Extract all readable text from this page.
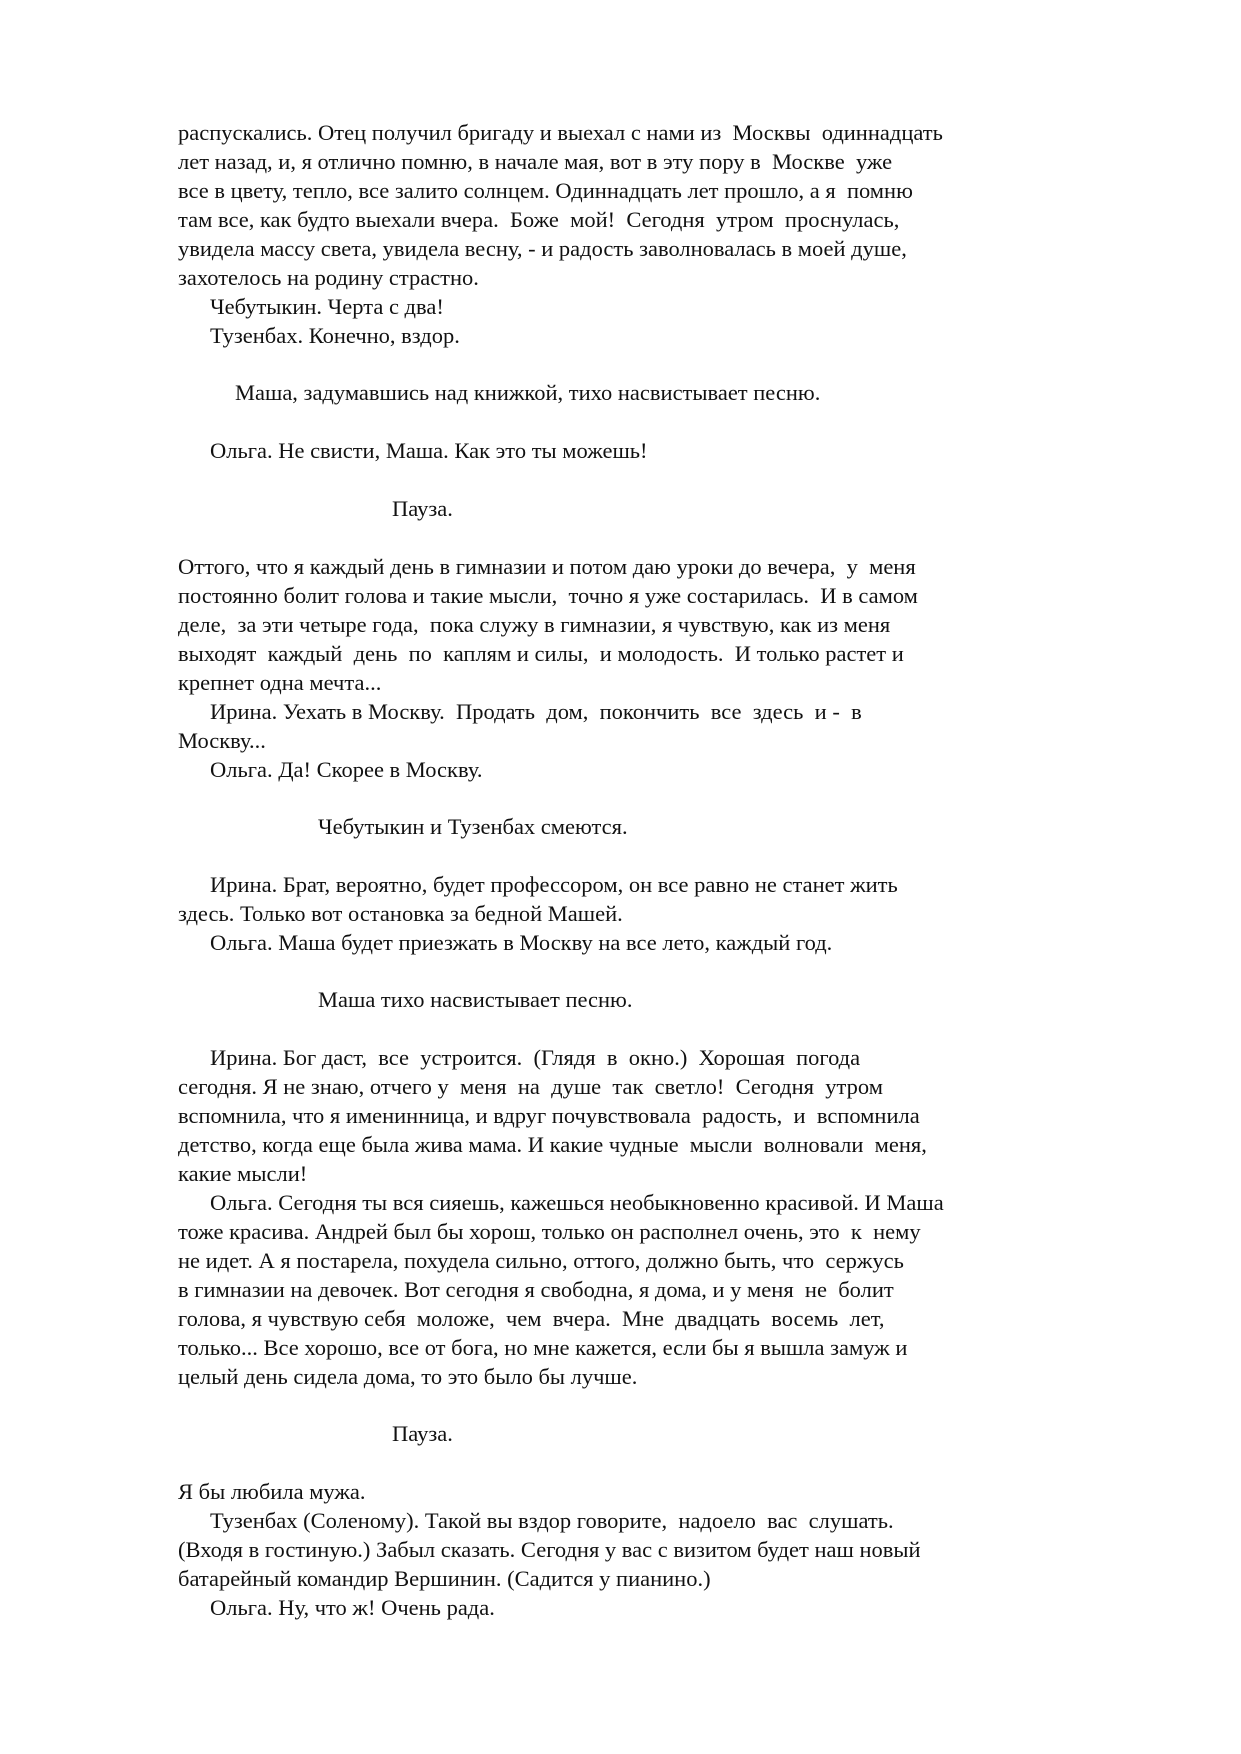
распускались. Отец получил бригаду и выехал с нами из  Москвы  одиннадцать

лет назад, и, я отлично помню, в начале мая, вот в эту пору в  Москве  уже

все в цвету, тепло, все залито солнцем. Одиннадцать лет прошло, а я  помню

там все, как будто выехали вчера.  Боже  мой!  Сегодня  утром  проснулась,

увидела массу света, увидела весну, - и радость заволновалась в моей душе,

захотелось на родину страстно.

Чебутыкин. Черта с два!

Тузенбах. Конечно, вздор.

Маша, задумавшись над книжкой, тихо насвистывает песню.

Ольга. Не свисти, Маша. Как это ты можешь!

Пауза.

Оттого, что я каждый день в гимназии и потом даю уроки до вечера,  у  меня

постоянно болит голова и такие мысли,  точно я уже состарилась.  И в самом

деле,  за эти четыре года,  пока служу в гимназии, я чувствую, как из меня

выходят  каждый  день  по  каплям и силы,  и молодость.  И только растет и

крепнет одна мечта...

Ирина. Уехать в Москву.  Продать  дом,  покончить  все  здесь  и -  в

Москву...

Ольга. Да! Скорее в Москву.

Чебутыкин и Тузенбах смеются.

Ирина. Брат, вероятно, будет профессором, он все равно не станет жить

здесь. Только вот остановка за бедной Машей.

Ольга. Маша будет приезжать в Москву на все лето, каждый год.

Маша тихо насвистывает песню.

Ирина. Бог даст,  все  устроится.  (Глядя  в  окно.)  Хорошая  погода

сегодня. Я не знаю, отчего у  меня  на  душе  так  светло!  Сегодня  утром

вспомнила, что я именинница, и вдруг почувствовала  радость,  и  вспомнила

детство, когда еще была жива мама. И какие чудные  мысли  волновали  меня,

какие мысли!

Ольга. Сегодня ты вся сияешь, кажешься необыкновенно красивой. И Маша

тоже красива. Андрей был бы хорош, только он располнел очень, это  к  нему

не идет. А я постарела, похудела сильно, оттого, должно быть, что  сержусь

в гимназии на девочек. Вот сегодня я свободна, я дома, и у меня  не  болит

голова, я чувствую себя  моложе,  чем  вчера.  Мне  двадцать  восемь  лет,

только... Все хорошо, все от бога, но мне кажется, если бы я вышла замуж и

целый день сидела дома, то это было бы лучше.

Пауза.

Я бы любила мужа.

Тузенбах (Соленому). Такой вы вздор говорите,  надоело  вас  слушать.

(Входя в гостиную.) Забыл сказать. Сегодня у вас с визитом будет наш новый

батарейный командир Вершинин. (Садится у пианино.)

Ольга. Ну, что ж! Очень рада.
